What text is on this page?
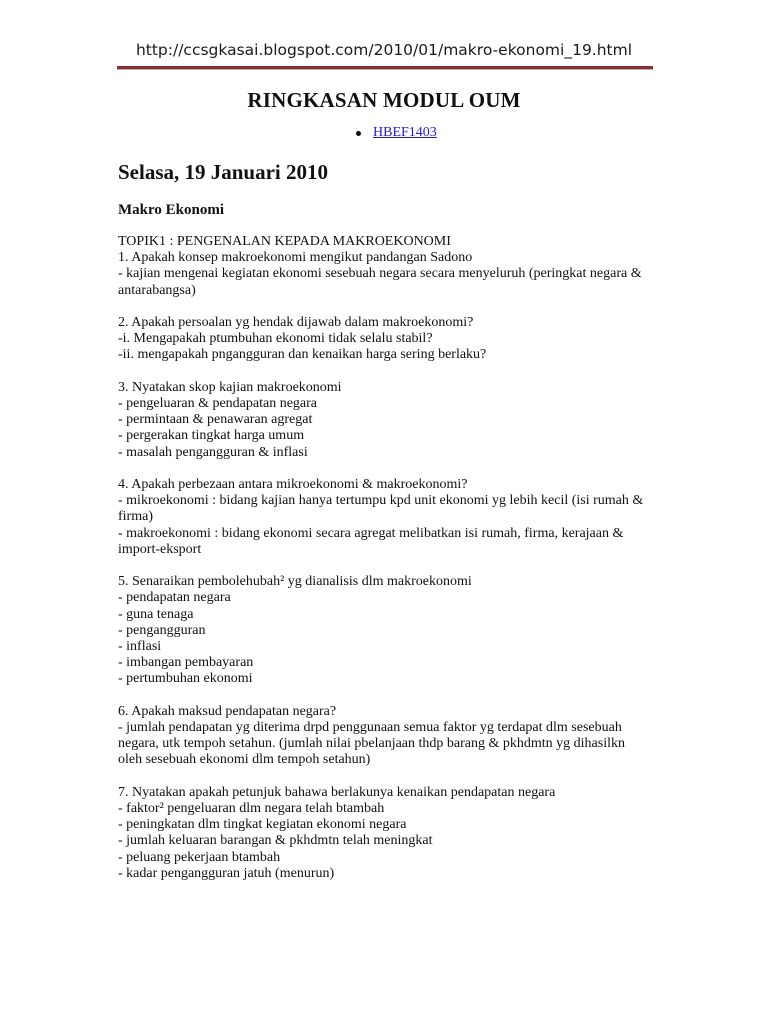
http://ccsgkasai.blogspot.com/2010/01/makro-ekonomi_19.html
RINGKASAN MODUL OUM
HBEF1403
Selasa, 19 Januari 2010
Makro Ekonomi

TOPIK1 : PENGENALAN KEPADA MAKROEKONOMI
1. Apakah konsep makroekonomi mengikut pandangan Sadono
- kajian mengenai kegiatan ekonomi sesebuah negara secara menyeluruh (peringkat negara &
antarabangsa)

2. Apakah persoalan yg hendak dijawab dalam makroekonomi?
-i. Mengapakah ptumbuhan ekonomi tidak selalu stabil?
-ii. mengapakah pngangguran dan kenaikan harga sering berlaku?

3. Nyatakan skop kajian makroekonomi
- pengeluaran & pendapatan negara
- permintaan & penawaran agregat
- pergerakan tingkat harga umum
- masalah pengangguran & inflasi

4. Apakah perbezaan antara mikroekonomi & makroekonomi?
- mikroekonomi : bidang kajian hanya tertumpu kpd unit ekonomi yg lebih kecil (isi rumah &
firma)
- makroekonomi : bidang ekonomi secara agregat melibatkan isi rumah, firma, kerajaan &
import-eksport

5. Senaraikan pembolehubah² yg dianalisis dlm makroekonomi
- pendapatan negara
- guna tenaga
- pengangguran
- inflasi
- imbangan pembayaran
- pertumbuhan ekonomi

6. Apakah maksud pendapatan negara?
- jumlah pendapatan yg diterima drpd penggunaan semua faktor yg terdapat dlm sesebuah
negara, utk tempoh setahun. (jumlah nilai pbelanjaan thdp barang & pkhdmtn yg dihasilkn
oleh sesebuah ekonomi dlm tempoh setahun)

7. Nyatakan apakah petunjuk bahawa berlakunya kenaikan pendapatan negara
- faktor² pengeluaran dlm negara telah btambah
- peningkatan dlm tingkat kegiatan ekonomi negara
- jumlah keluaran barangan & pkhdmtn telah meningkat
- peluang pekerjaan btambah
- kadar pengangguran jatuh (menurun)
